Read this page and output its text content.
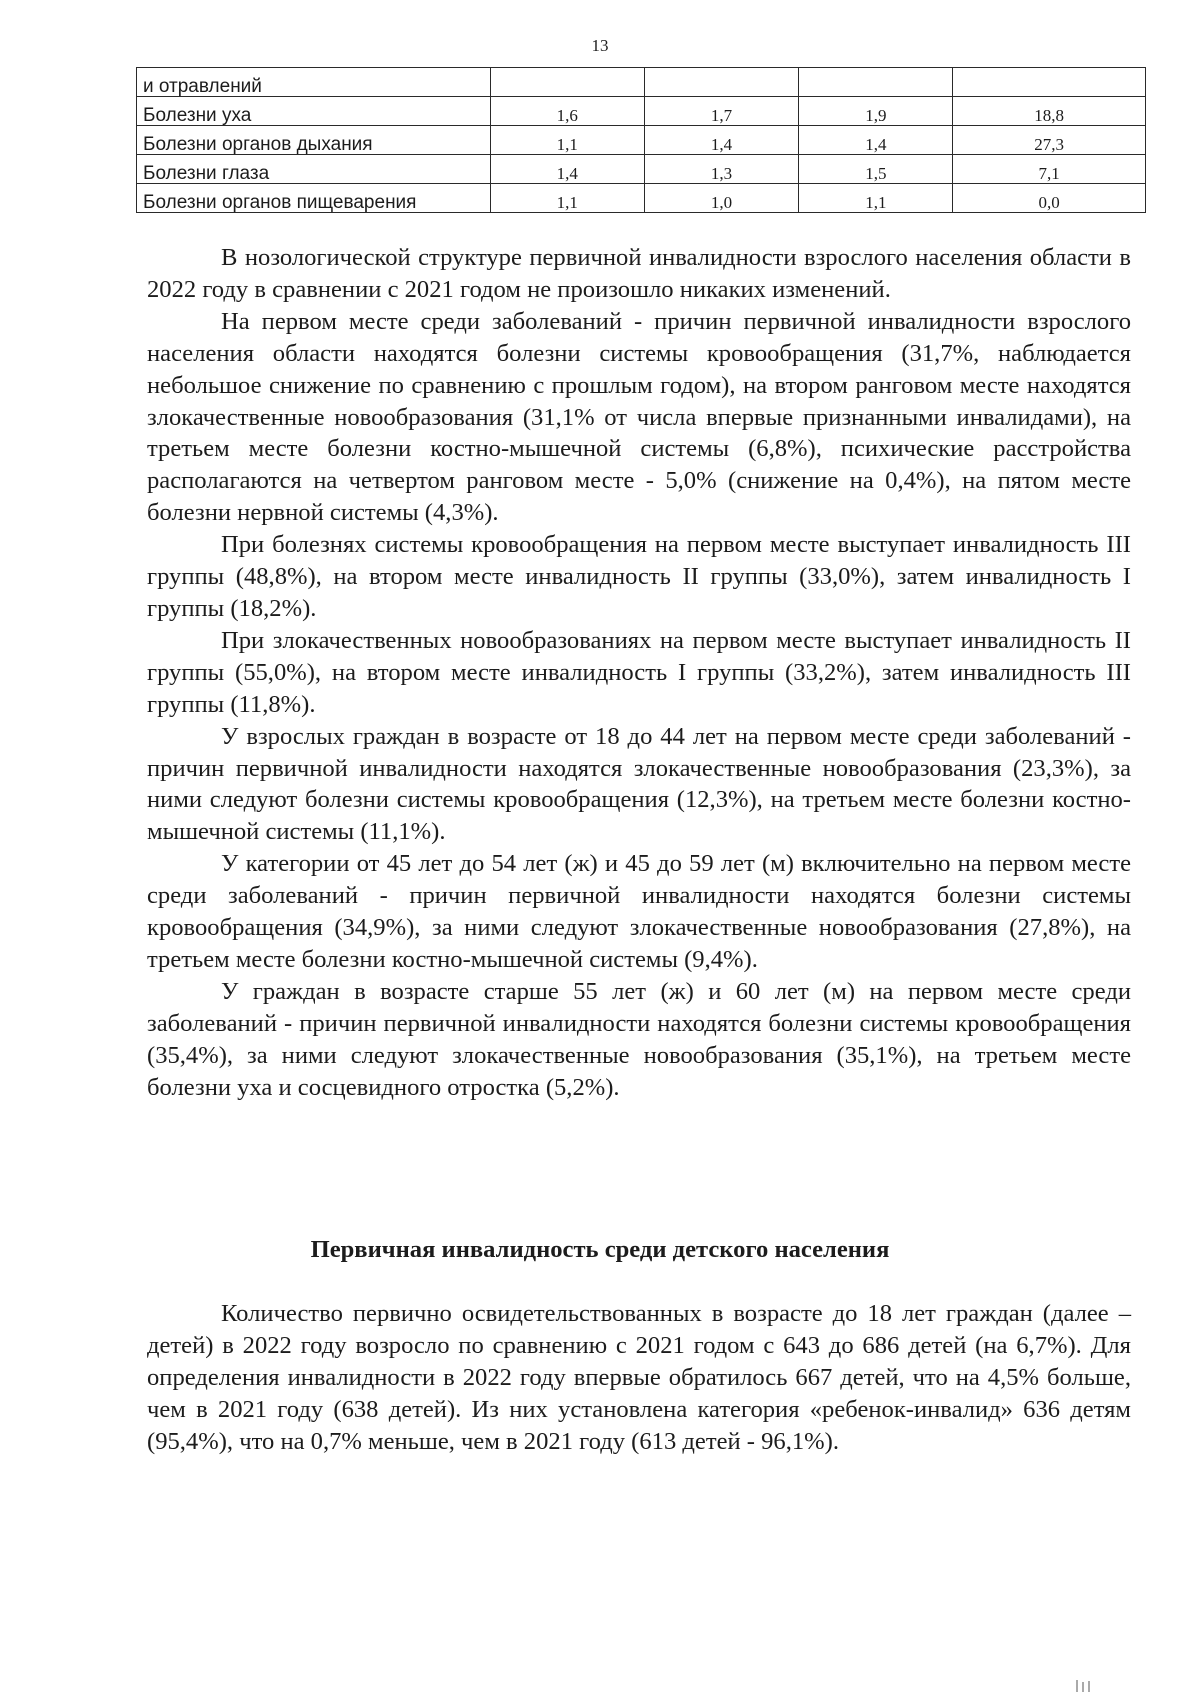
13
и отравлений				
Болезни уха	1,6	1,7	1,9	18,8
Болезни органов дыхания	1,1	1,4	1,4	27,3
Болезни глаза	1,4	1,3	1,5	7,1
Болезни органов пищеварения	1,1	1,0	1,1	0,0

В нозологической структуре первичной инвалидности взрослого населения области в 2022 году в сравнении с 2021 годом не произошло никаких изменений.

На первом месте среди заболеваний - причин первичной инвалидности взрослого населения области находятся болезни системы кровообращения (31,7%, наблюдается небольшое снижение по сравнению с прошлым годом), на втором ранговом месте находятся злокачественные новообразования (31,1% от числа впервые признанными инвалидами), на третьем месте болезни костно-мышечной системы (6,8%), психические расстройства располагаются на четвертом ранговом месте - 5,0% (снижение на 0,4%), на пятом месте болезни нервной системы (4,3%).

При болезнях системы кровообращения на первом месте выступает инвалидность III группы (48,8%), на втором месте инвалидность II группы (33,0%), затем инвалидность I группы (18,2%).

При злокачественных новообразованиях на первом месте выступает инвалидность II группы (55,0%), на втором месте инвалидность I группы (33,2%), затем инвалидность III группы (11,8%).

У взрослых граждан в возрасте от 18 до 44 лет на первом месте среди заболеваний - причин первичной инвалидности находятся злокачественные новообразования (23,3%), за ними следуют болезни системы кровообращения (12,3%), на третьем месте болезни костно-мышечной системы (11,1%).

У категории от 45 лет до 54 лет (ж) и 45 до 59 лет (м) включительно на первом месте среди заболеваний - причин первичной инвалидности находятся болезни системы кровообращения (34,9%), за ними следуют злокачественные новообразования (27,8%), на третьем месте болезни костно-мышечной системы (9,4%).

У граждан в возрасте старше 55 лет (ж) и 60 лет (м) на первом месте среди заболеваний - причин первичной инвалидности находятся болезни системы кровообращения (35,4%), за ними следуют злокачественные новообразования (35,1%), на третьем месте болезни уха и сосцевидного отростка (5,2%).

Первичная инвалидность среди детского населения

Количество первично освидетельствованных в возрасте до 18 лет граждан (далее – детей) в 2022 году возросло по сравнению с 2021 годом с 643 до 686 детей (на 6,7%). Для определения инвалидности в 2022 году впервые обратилось 667 детей, что на 4,5% больше, чем в 2021 году (638 детей). Из них установлена категория «ребенок-инвалид» 636 детям (95,4%), что на 0,7% меньше, чем в 2021 году (613 детей - 96,1%).
